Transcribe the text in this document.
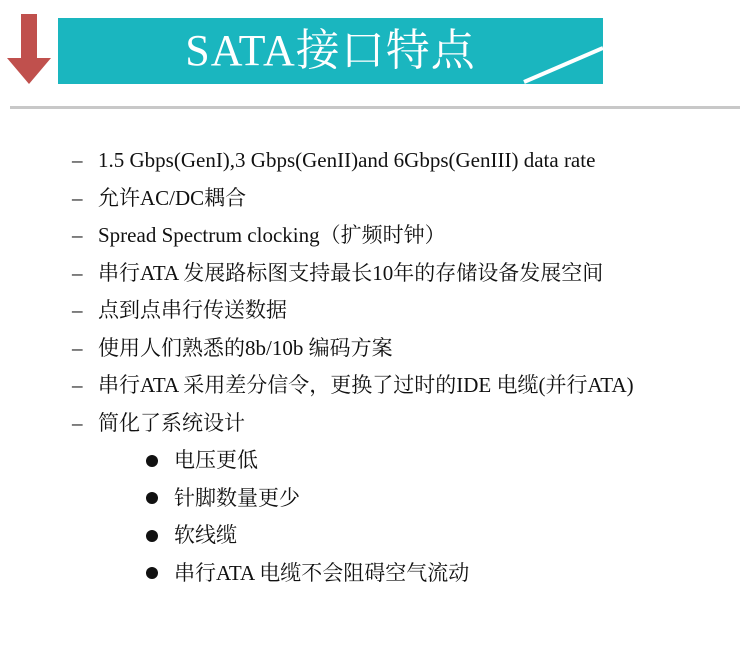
SATA接口特点
– 1.5 Gbps(GenI),3 Gbps(GenII)and 6Gbps(GenIII) data rate
– 允许AC/DC耦合
– Spread Spectrum clocking（扩频时钟）
– 串行ATA 发展路标图支持最长10年的存储设备发展空间
– 点到点串行传送数据
– 使用人们熟悉的8b/10b 编码方案
– 串行ATA 采用差分信令，更换了过时的IDE 电缆(并行ATA)
– 简化了系统设计
电压更低
针脚数量更少
软线缆
串行ATA 电缆不会阻碍空气流动
